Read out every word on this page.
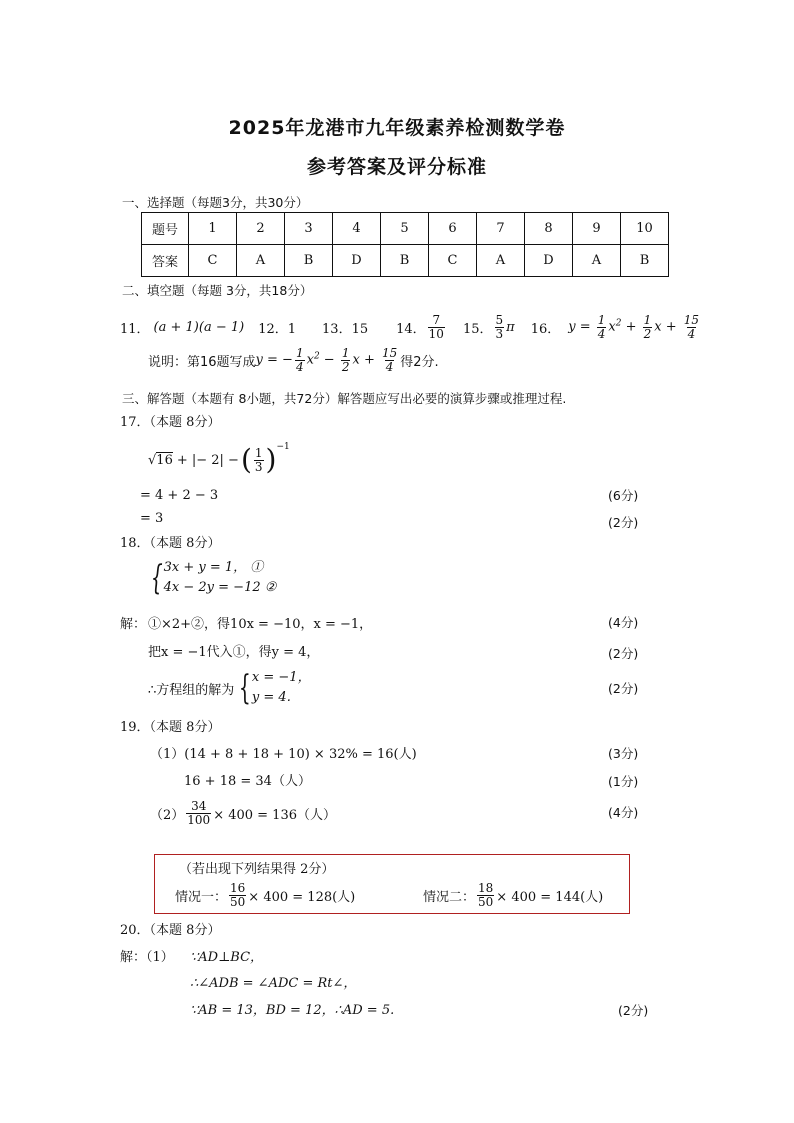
2025年龙港市九年级素养检测数学卷
参考答案及评分标准
一、选择题（每题3分，共30分）
题号	1	2	3	4	5	6	7	8	9	10
答案	C	A	B	D	B	C	A	D	A	B
二、填空题（每题 3分，共18分）
11． (a + 1)(a − 1) 12．1 13．15 14． $\frac{7}{10} 15$． $\frac{5}{3}$ π 16． $y = \frac{1}{4} x^2 + \frac{1}{2}$ $x + \frac{15}{4}$
说明：第16题写成 y = − $\frac{1}{4} x^2 - \frac{1}{2}$ $x + \frac{15}{4}$ 得2分.
三、解答题（本题有 8小题，共72分）解答题应写出必要的演算步骤或推理过程.
17．（本题 8分）
√16 + |− 2| − ( $\frac{1}{3} )^{-1}$
= 4 + 2 − 3	(6分)
= 3	(2分)
18．（本题 8分）
{ 3x + y = 1， ①
4x − 2y = −12 ②
解： ①×2+②，得10x = −10，x = −1，	(4分)
把x = −1代入①，得y = 4，	(2分)
∴方程组的解为 { x = −1，
y = 4.
(2分)
19．（本题 8分）
（1）(14 + 8 + 18 + 10) × 32% = 16(人)	(3分)
16 + 18 = 34（人）	(1分)
$(2) \frac{34}{100} \times 400 = 136$（人）	(4分)
（若出现下列结果得 2分）
情况一： $\frac{16}{50} \times 400 = 128$(人)	情况二： $\frac{18}{50} \times 400 = 144$(人)
20．（本题 8分）
解：（1） ∵AD⊥BC，
∴∠ADB = ∠ADC = Rt∠，
∵AB = 13，BD = 12，∴AD = 5.	(2分)
